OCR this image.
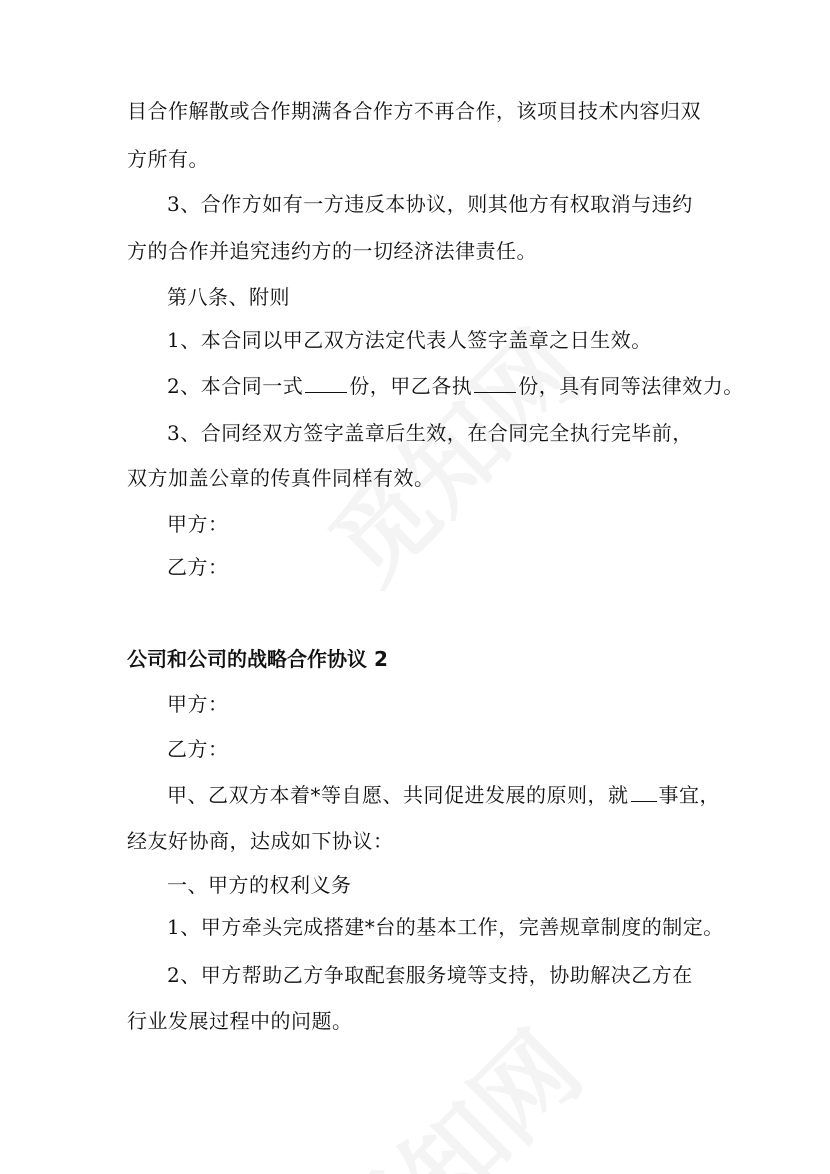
目合作解散或合作期满各合作方不再合作，该项目技术内容归双
方所有。
3、合作方如有一方违反本协议，则其他方有权取消与违约
方的合作并追究违约方的一切经济法律责任。
第八条、附则
1、本合同以甲乙双方法定代表人签字盖章之日生效。
2、本合同一式 份，甲乙各执 份，具有同等法律效力。
3、合同经双方签字盖章后生效，在合同完全执行完毕前，
双方加盖公章的传真件同样有效。
甲方：
乙方：
公司和公司的战略合作协议 2
甲方：
乙方：
甲、乙双方本着*等自愿、共同促进发展的原则，就 事宜，
经友好协商，达成如下协议：
一、甲方的权利义务
1、甲方牵头完成搭建*台的基本工作，完善规章制度的制定。
2、甲方帮助乙方争取配套服务境等支持，协助解决乙方在
行业发展过程中的问题。
